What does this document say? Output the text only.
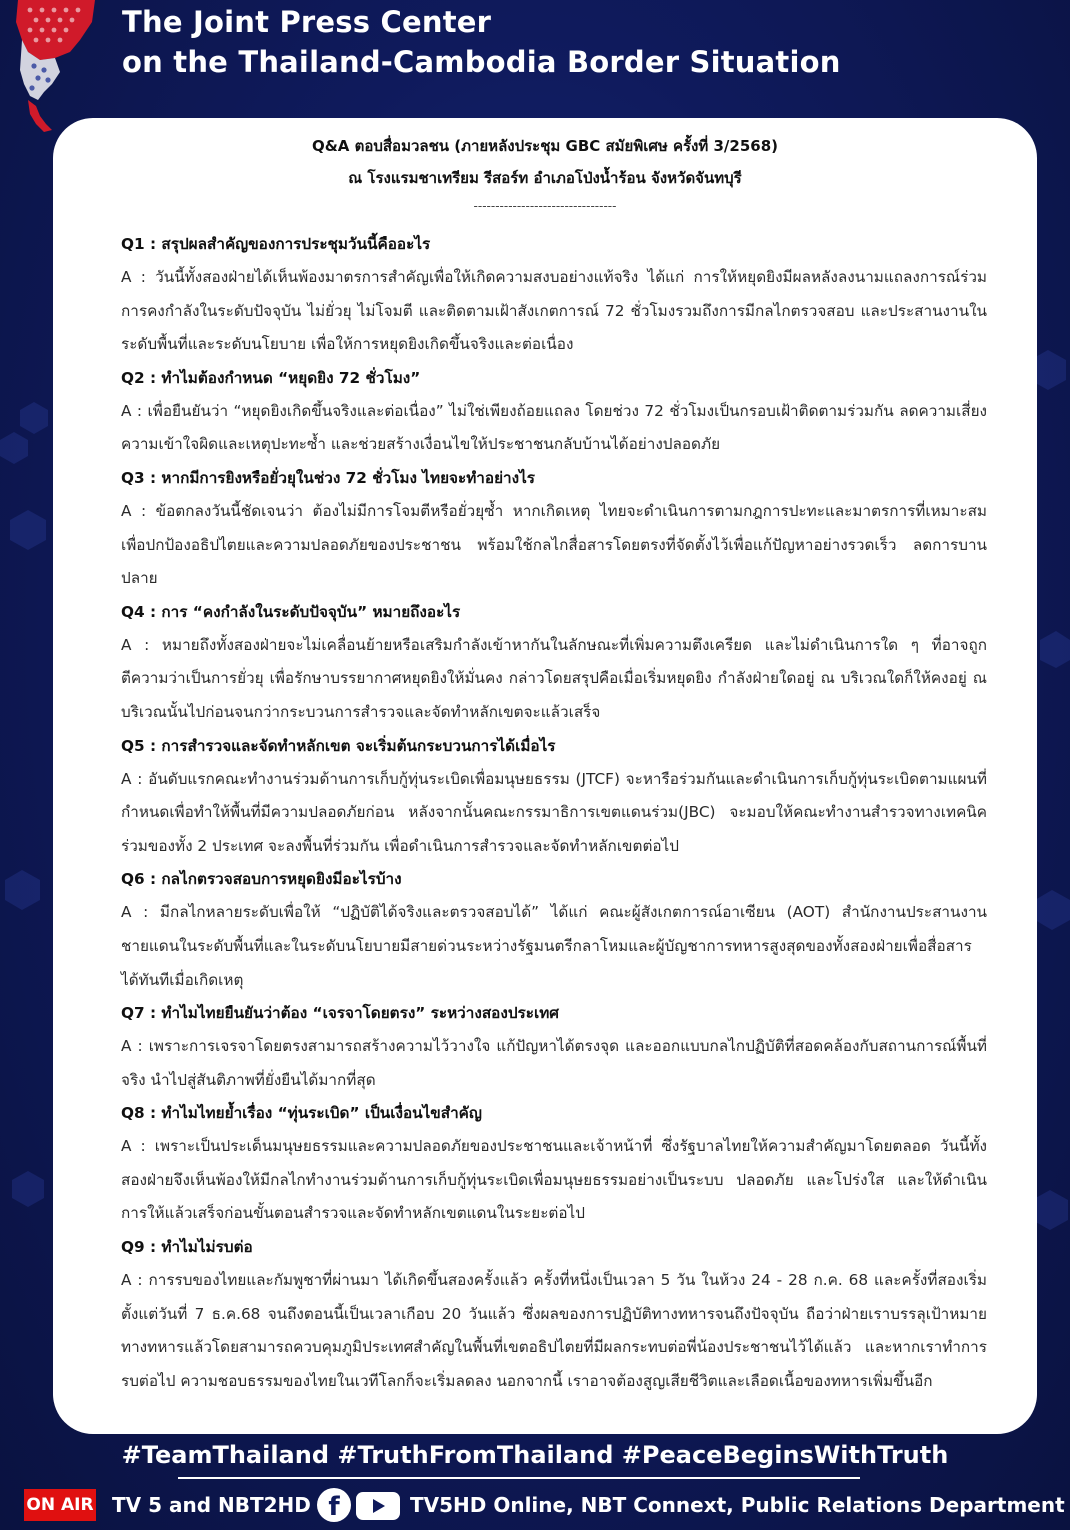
The Joint Press Center
on the Thailand-Cambodia Border Situation
Q&A ตอบสื่อมวลชน (ภายหลังประชุม GBC สมัยพิเศษ ครั้งที่ 3/2568)
ณ โรงแรมชาเทรียม รีสอร์ท อำเภอโป่งน้ำร้อน จังหวัดจันทบุรี
---------------------------------
Q1 : สรุปผลสำคัญของการประชุมวันนี้คืออะไร
A : วันนี้ทั้งสองฝ่ายได้เห็นพ้องมาตรการสำคัญเพื่อให้เกิดความสงบอย่างแท้จริง ได้แก่ การให้หยุดยิงมีผลหลังลงนามแถลงการณ์ร่วม การคงกำลังในระดับปัจจุบัน ไม่ยั่วยุ ไม่โจมตี และติดตามเฝ้าสังเกตการณ์ 72 ชั่วโมงรวมถึงการมีกลไกตรวจสอบ และประสานงานในระดับพื้นที่และระดับนโยบาย เพื่อให้การหยุดยิงเกิดขึ้นจริงและต่อเนื่อง
Q2 : ทำไมต้องกำหนด “หยุดยิง 72 ชั่วโมง”
A : เพื่อยืนยันว่า “หยุดยิงเกิดขึ้นจริงและต่อเนื่อง” ไม่ใช่เพียงถ้อยแถลง โดยช่วง 72 ชั่วโมงเป็นกรอบเฝ้าติดตามร่วมกัน ลดความเสี่ยงความเข้าใจผิดและเหตุปะทะซ้ำ และช่วยสร้างเงื่อนไขให้ประชาชนกลับบ้านได้อย่างปลอดภัย
Q3 : หากมีการยิงหรือยั่วยุในช่วง 72 ชั่วโมง ไทยจะทำอย่างไร
A : ข้อตกลงวันนี้ชัดเจนว่า ต้องไม่มีการโจมตีหรือยั่วยุซ้ำ หากเกิดเหตุ ไทยจะดำเนินการตามกฎการปะทะและมาตรการที่เหมาะสม เพื่อปกป้องอธิปไตยและความปลอดภัยของประชาชน พร้อมใช้กลไกสื่อสารโดยตรงที่จัดตั้งไว้เพื่อแก้ปัญหาอย่างรวดเร็ว ลดการบานปลาย
Q4 : การ “คงกำลังในระดับปัจจุบัน” หมายถึงอะไร
A : หมายถึงทั้งสองฝ่ายจะไม่เคลื่อนย้ายหรือเสริมกำลังเข้าหากันในลักษณะที่เพิ่มความตึงเครียด และไม่ดำเนินการใด ๆ ที่อาจถูกตีความว่าเป็นการยั่วยุ เพื่อรักษาบรรยากาศหยุดยิงให้มั่นคง กล่าวโดยสรุปคือเมื่อเริ่มหยุดยิง กำลังฝ่ายใดอยู่ ณ บริเวณใดก็ให้คงอยู่ ณ บริเวณนั้นไปก่อนจนกว่ากระบวนการสำรวจและจัดทำหลักเขตจะแล้วเสร็จ
Q5 : การสำรวจและจัดทำหลักเขต จะเริ่มต้นกระบวนการได้เมื่อไร
A : อันดับแรกคณะทำงานร่วมด้านการเก็บกู้ทุ่นระเบิดเพื่อมนุษยธรรม (JTCF) จะหารือร่วมกันและดำเนินการเก็บกู้ทุ่นระเบิดตามแผนที่กำหนดเพื่อทำให้พื้นที่มีความปลอดภัยก่อน หลังจากนั้นคณะกรรมาธิการเขตแดนร่วม(JBC) จะมอบให้คณะทำงานสำรวจทางเทคนิคร่วมของทั้ง 2 ประเทศ จะลงพื้นที่ร่วมกัน เพื่อดำเนินการสำรวจและจัดทำหลักเขตต่อไป
Q6 : กลไกตรวจสอบการหยุดยิงมีอะไรบ้าง
A : มีกลไกหลายระดับเพื่อให้ “ปฏิบัติได้จริงและตรวจสอบได้” ได้แก่ คณะผู้สังเกตการณ์อาเซียน (AOT) สำนักงานประสานงานชายแดนในระดับพื้นที่และในระดับนโยบายมีสายด่วนระหว่างรัฐมนตรีกลาโหมและผู้บัญชาการทหารสูงสุดของทั้งสองฝ่ายเพื่อสื่อสารได้ทันทีเมื่อเกิดเหตุ
Q7 : ทำไมไทยยืนยันว่าต้อง “เจรจาโดยตรง” ระหว่างสองประเทศ
A : เพราะการเจรจาโดยตรงสามารถสร้างความไว้วางใจ แก้ปัญหาได้ตรงจุด และออกแบบกลไกปฏิบัติที่สอดคล้องกับสถานการณ์พื้นที่จริง นำไปสู่สันติภาพที่ยั่งยืนได้มากที่สุด
Q8 : ทำไมไทยย้ำเรื่อง “ทุ่นระเบิด” เป็นเงื่อนไขสำคัญ
A : เพราะเป็นประเด็นมนุษยธรรมและความปลอดภัยของประชาชนและเจ้าหน้าที่ ซึ่งรัฐบาลไทยให้ความสำคัญมาโดยตลอด วันนี้ทั้งสองฝ่ายจึงเห็นพ้องให้มีกลไกทำงานร่วมด้านการเก็บกู้ทุ่นระเบิดเพื่อมนุษยธรรมอย่างเป็นระบบ ปลอดภัย และโปร่งใส และให้ดำเนินการให้แล้วเสร็จก่อนขั้นตอนสำรวจและจัดทำหลักเขตแดนในระยะต่อไป
Q9 : ทำไมไม่รบต่อ
A : การรบของไทยและกัมพูชาที่ผ่านมา ได้เกิดขึ้นสองครั้งแล้ว ครั้งที่หนึ่งเป็นเวลา 5 วัน ในห้วง 24 - 28 ก.ค. 68 และครั้งที่สองเริ่มตั้งแต่วันที่ 7 ธ.ค.68 จนถึงตอนนี้เป็นเวลาเกือบ 20 วันแล้ว ซึ่งผลของการปฏิบัติทางทหารจนถึงปัจจุบัน ถือว่าฝ่ายเราบรรลุเป้าหมายทางทหารแล้วโดยสามารถควบคุมภูมิประเทศสำคัญในพื้นที่เขตอธิปไตยที่มีผลกระทบต่อพี่น้องประชาชนไว้ได้แล้ว และหากเราทำการรบต่อไป ความชอบธรรมของไทยในเวทีโลกก็จะเริ่มลดลง นอกจากนี้ เราอาจต้องสูญเสียชีวิตและเลือดเนื้อของทหารเพิ่มขึ้นอีก
#TeamThailand #TruthFromThailand #PeaceBeginsWithTruth
ON AIR TV 5 and NBT2HD f	TV5HD Online, NBT Connext, Public Relations Department
